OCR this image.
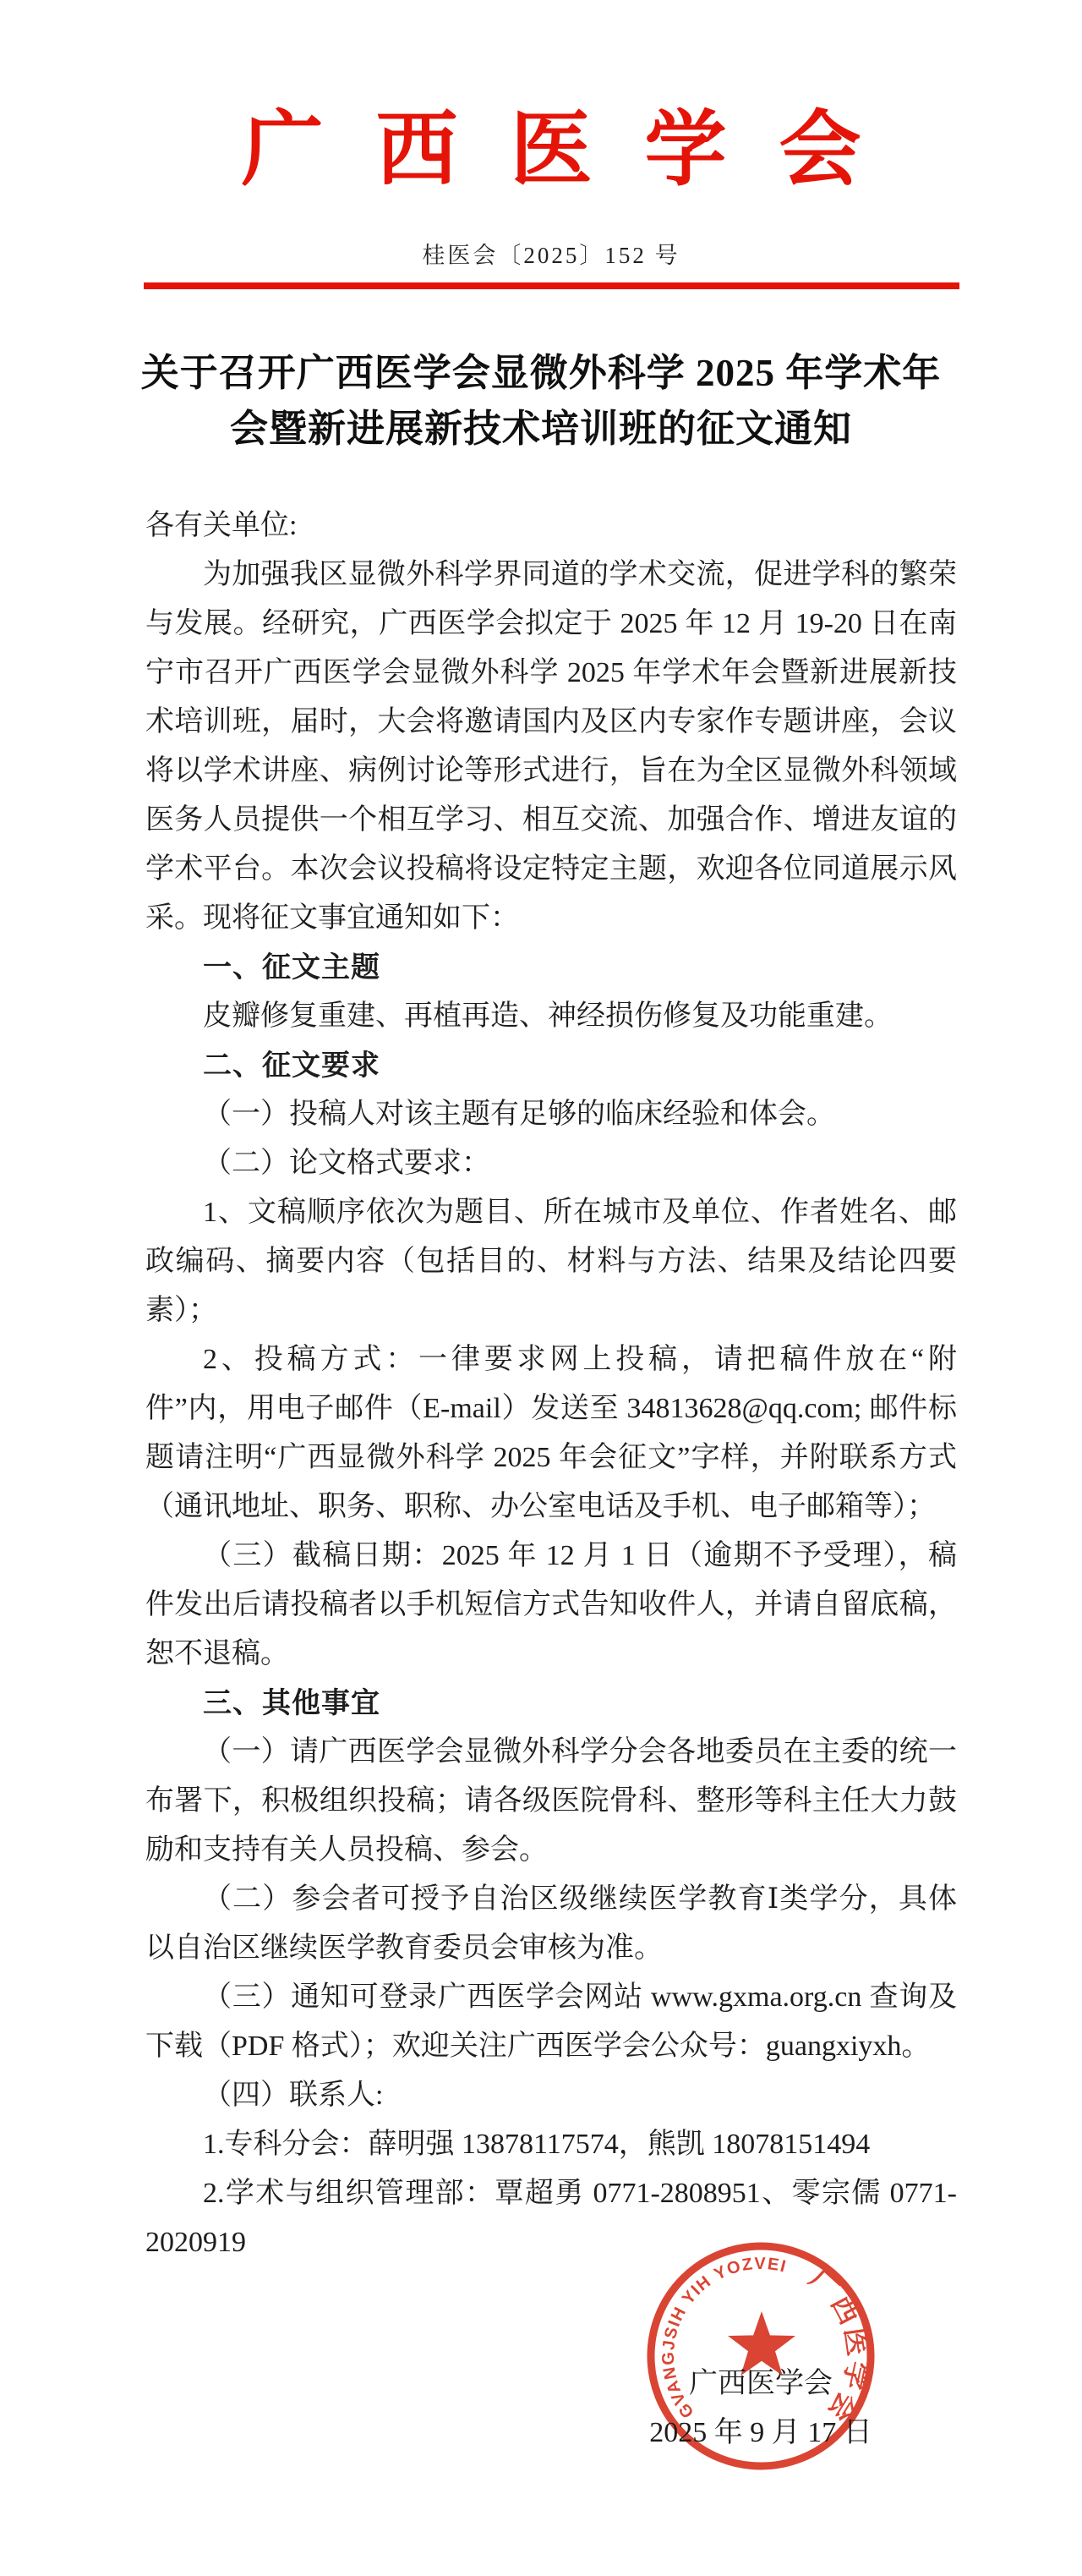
广西医学会
桂医会〔2025〕152 号
关于召开广西医学会显微外科学 2025 年学术年
会暨新进展新技术培训班的征文通知

各有关单位:

为加强我区显微外科学界同道的学术交流，促进学科的繁荣与发展。经研究，广西医学会拟定于 2025 年 12 月 19-20 日在南宁市召开广西医学会显微外科学 2025 年学术年会暨新进展新技术培训班，届时，大会将邀请国内及区内专家作专题讲座，会议将以学术讲座、病例讨论等形式进行，旨在为全区显微外科领域医务人员提供一个相互学习、相互交流、加强合作、增进友谊的学术平台。本次会议投稿将设定特定主题，欢迎各位同道展示风采。现将征文事宜通知如下：

一、征文主题

皮瓣修复重建、再植再造、神经损伤修复及功能重建。

二、征文要求

（一）投稿人对该主题有足够的临床经验和体会。

（二）论文格式要求：

1、文稿顺序依次为题目、所在城市及单位、作者姓名、邮政编码、摘要内容（包括目的、材料与方法、结果及结论四要素）；

2、投稿方式：一律要求网上投稿，请把稿件放在“附件”内，用电子邮件（E-mail）发送至 34813628@qq.com; 邮件标题请注明“广西显微外科学 2025 年会征文”字样，并附联系方式（通讯地址、职务、职称、办公室电话及手机、电子邮箱等）；

（三）截稿日期：2025 年 12 月 1 日（逾期不予受理），稿件发出后请投稿者以手机短信方式告知收件人，并请自留底稿，恕不退稿。

三、其他事宜

（一）请广西医学会显微外科学分会各地委员在主委的统一布署下，积极组织投稿；请各级医院骨科、整形等科主任大力鼓励和支持有关人员投稿、参会。

（二）参会者可授予自治区级继续医学教育Ⅰ类学分，具体以自治区继续医学教育委员会审核为准。

（三）通知可登录广西医学会网站 www.gxma.org.cn 查询及下载（PDF 格式）；欢迎关注广西医学会公众号：guangxiyxh。

（四）联系人:

1.专科分会：薛明强 13878117574，熊凯 18078151494

2.学术与组织管理部：覃超勇 0771-2808951、零宗儒 0771-2020919

GVANGJSIH YIH YOZVEI 广西医学会
广西医学会
2025 年 9 月 17 日
